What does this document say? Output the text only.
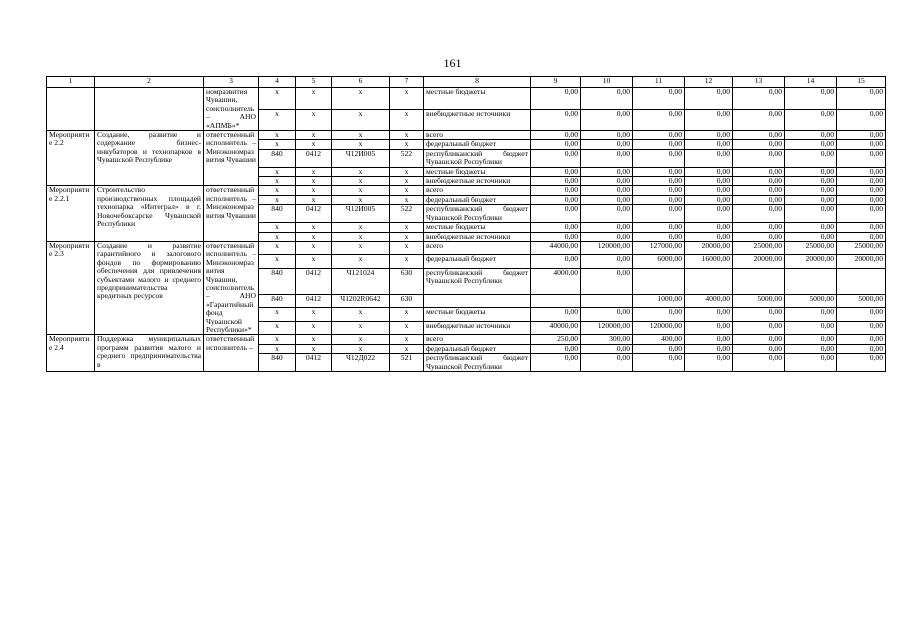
161
1	2	3	4	5	6	7	8	9	10	11	12	13	14	15
		номразвития Чувашии, соисполнитель – АНО «АПМБ»*	x	x	x	x	местные бюджеты	0,00	0,00	0,00	0,00	0,00	0,00	0,00
			x	x	x	x	внебюджетные источники	0,00	0,00	0,00	0,00	0,00	0,00	0,00
Мероприятие 2.2	Создание, развитие и содержание бизнес-инкубаторов и технопарков в Чувашской Республике	ответственный исполнитель – Минэкономразвития Чувашии	x	x	x	x	всего	0,00	0,00	0,00	0,00	0,00	0,00	0,00
			x	x	x	x	федеральный бюджет	0,00	0,00	0,00	0,00	0,00	0,00	0,00
			840	0412	Ч12И005	522	республиканский бюджет Чувашской Республики	0,00	0,00	0,00	0,00	0,00	0,00	0,00
			x	x	x	x	местные бюджеты	0,00	0,00	0,00	0,00	0,00	0,00	0,00
			x	x	x	x	внебюджетные источники	0,00	0,00	0,00	0,00	0,00	0,00	0,00
Мероприятие 2.2.1	Строительство производственных площадей технопарка «Интеграл» в г. Новочебоксарске Чувашской Республики	ответственный исполнитель – Минэкономразвития Чувашии	x	x	x	x	всего	0,00	0,00	0,00	0,00	0,00	0,00	0,00
			x	x	x	x	федеральный бюджет	0,00	0,00	0,00	0,00	0,00	0,00	0,00
			840	0412	Ч12И005	522	республиканский бюджет Чувашской Республики	0,00	0,00	0,00	0,00	0,00	0,00	0,00
			x	x	x	x	местные бюджеты	0,00	0,00	0,00	0,00	0,00	0,00	0,00
			x	x	x	x	внебюджетные источники	0,00	0,00	0,00	0,00	0,00	0,00	0,00
Мероприятие 2.3	Создание и развитие гарантийного и залогового фондов по формированию обеспечения для привлечения субъектами малого и среднего предпринимательства кредитных ресурсов	ответственный исполнитель – Минэкономразвития Чувашии, соисполнитель – АНО «Гарантийный фонд Чувашской Республики»*	x	x	x	x	всего	44000,00	120000,00	127000,00	20000,00	25000,00	25000,00	25000,00
			x	x	x	x	федеральный бюджет	0,00	0,00	6000,00	16000,00	20000,00	20000,00	20000,00
			840	0412	Ч121024	630	республиканский бюджет Чувашской Республики	4000,00	0,00					
			840	0412	Ч1202R0642	630				1000,00	4000,00	5000,00	5000,00	5000,00
			x	x	x	x	местные бюджеты	0,00	0,00	0,00	0,00	0,00	0,00	0,00
			x	x	x	x	внебюджетные источники	40000,00	120000,00	120000,00	0,00	0,00	0,00	0,00
Мероприятие 2.4	Поддержка муниципальных программ развития малого и среднего предпринимательства в	ответственный исполнитель –	x	x	x	x	всего	250,00	300,00	400,00	0,00	0,00	0,00	0,00
			x	x	x	x	федеральный бюджет	0,00	0,00	0,00	0,00	0,00	0,00	0,00
			840	0412	Ч12Д022	521	республиканский бюджет Чувашской Республики	0,00	0,00	0,00	0,00	0,00	0,00	0,00
